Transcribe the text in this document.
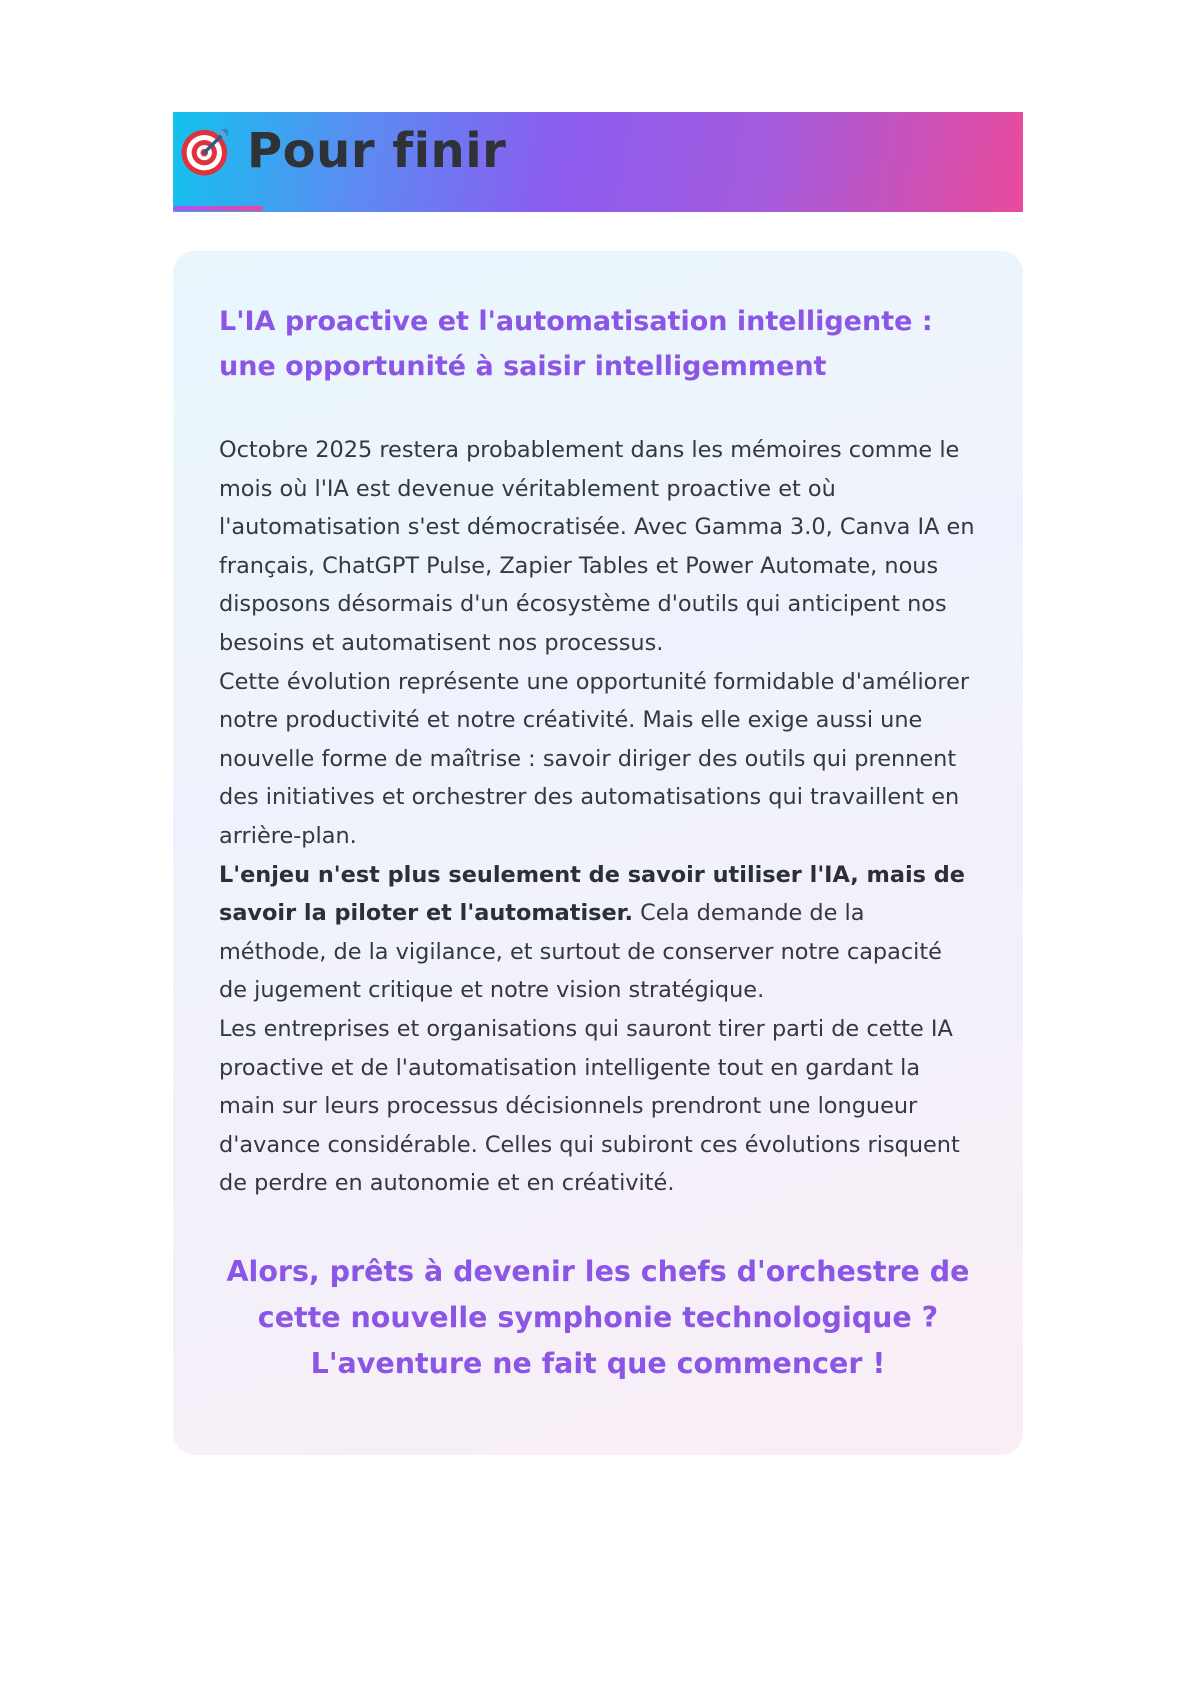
Pour finir
L'IA proactive et l'automatisation intelligente : une opportunité à saisir intelligemment

Octobre 2025 restera probablement dans les mémoires comme le mois où l'IA est devenue véritablement proactive et où l'automatisation s'est démocratisée. Avec Gamma 3.0, Canva IA en français, ChatGPT Pulse, Zapier Tables et Power Automate, nous disposons désormais d'un écosystème d'outils qui anticipent nos besoins et automatisent nos processus.

Cette évolution représente une opportunité formidable d'améliorer notre productivité et notre créativité. Mais elle exige aussi une nouvelle forme de maîtrise : savoir diriger des outils qui prennent des initiatives et orchestrer des automatisations qui travaillent en arrière-plan.

L'enjeu n'est plus seulement de savoir utiliser l'IA, mais de savoir la piloter et l'automatiser. Cela demande de la méthode, de la vigilance, et surtout de conserver notre capacité de jugement critique et notre vision stratégique.

Les entreprises et organisations qui sauront tirer parti de cette IA proactive et de l'automatisation intelligente tout en gardant la main sur leurs processus décisionnels prendront une longueur d'avance considérable. Celles qui subiront ces évolutions risquent de perdre en autonomie et en créativité.

Alors, prêts à devenir les chefs d'orchestre de cette nouvelle symphonie technologique ?

L'aventure ne fait que commencer !
